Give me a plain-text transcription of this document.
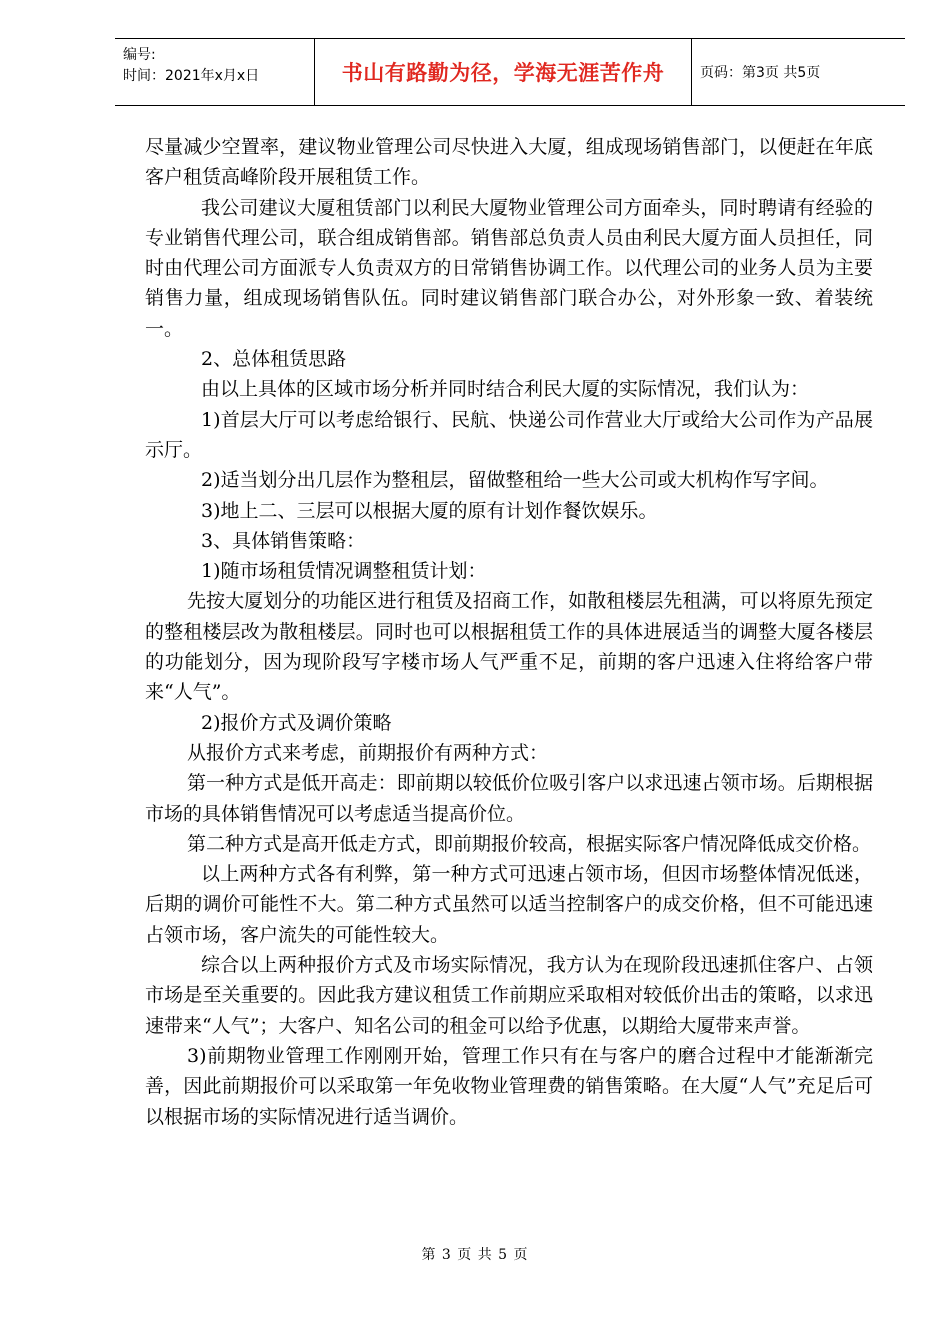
编号:
时间：2021年x月x日	书山有路勤为径，学海无涯苦作舟	页码：第3页 共5页

尽量减少空置率，建议物业管理公司尽快进入大厦，组成现场销售部门，以便赶在年底客户租赁高峰阶段开展租赁工作。

我公司建议大厦租赁部门以利民大厦物业管理公司方面牵头，同时聘请有经验的专业销售代理公司，联合组成销售部。销售部总负责人员由利民大厦方面人员担任，同时由代理公司方面派专人负责双方的日常销售协调工作。以代理公司的业务人员为主要销售力量，组成现场销售队伍。同时建议销售部门联合办公，对外形象一致、着装统一。

2、总体租赁思路

由以上具体的区域市场分析并同时结合利民大厦的实际情况，我们认为：

1)首层大厅可以考虑给银行、民航、快递公司作营业大厅或给大公司作为产品展示厅。

2)适当划分出几层作为整租层，留做整租给一些大公司或大机构作写字间。

3)地上二、三层可以根据大厦的原有计划作餐饮娱乐。

3、具体销售策略：

1)随市场租赁情况调整租赁计划：

先按大厦划分的功能区进行租赁及招商工作，如散租楼层先租满，可以将原先预定的整租楼层改为散租楼层。同时也可以根据租赁工作的具体进展适当的调整大厦各楼层的功能划分，因为现阶段写字楼市场人气严重不足，前期的客户迅速入住将给客户带来“人气”。

2)报价方式及调价策略

从报价方式来考虑，前期报价有两种方式：

第一种方式是低开高走：即前期以较低价位吸引客户以求迅速占领市场。后期根据市场的具体销售情况可以考虑适当提高价位。

第二种方式是高开低走方式，即前期报价较高，根据实际客户情况降低成交价格。

以上两种方式各有利弊，第一种方式可迅速占领市场，但因市场整体情况低迷，后期的调价可能性不大。第二种方式虽然可以适当控制客户的成交价格，但不可能迅速占领市场，客户流失的可能性较大。

综合以上两种报价方式及市场实际情况，我方认为在现阶段迅速抓住客户、占领市场是至关重要的。因此我方建议租赁工作前期应采取相对较低价出击的策略，以求迅速带来“人气”；大客户、知名公司的租金可以给予优惠，以期给大厦带来声誉。

3)前期物业管理工作刚刚开始，管理工作只有在与客户的磨合过程中才能渐渐完善，因此前期报价可以采取第一年免收物业管理费的销售策略。在大厦“人气”充足后可以根据市场的实际情况进行适当调价。

第 3 页 共 5 页
